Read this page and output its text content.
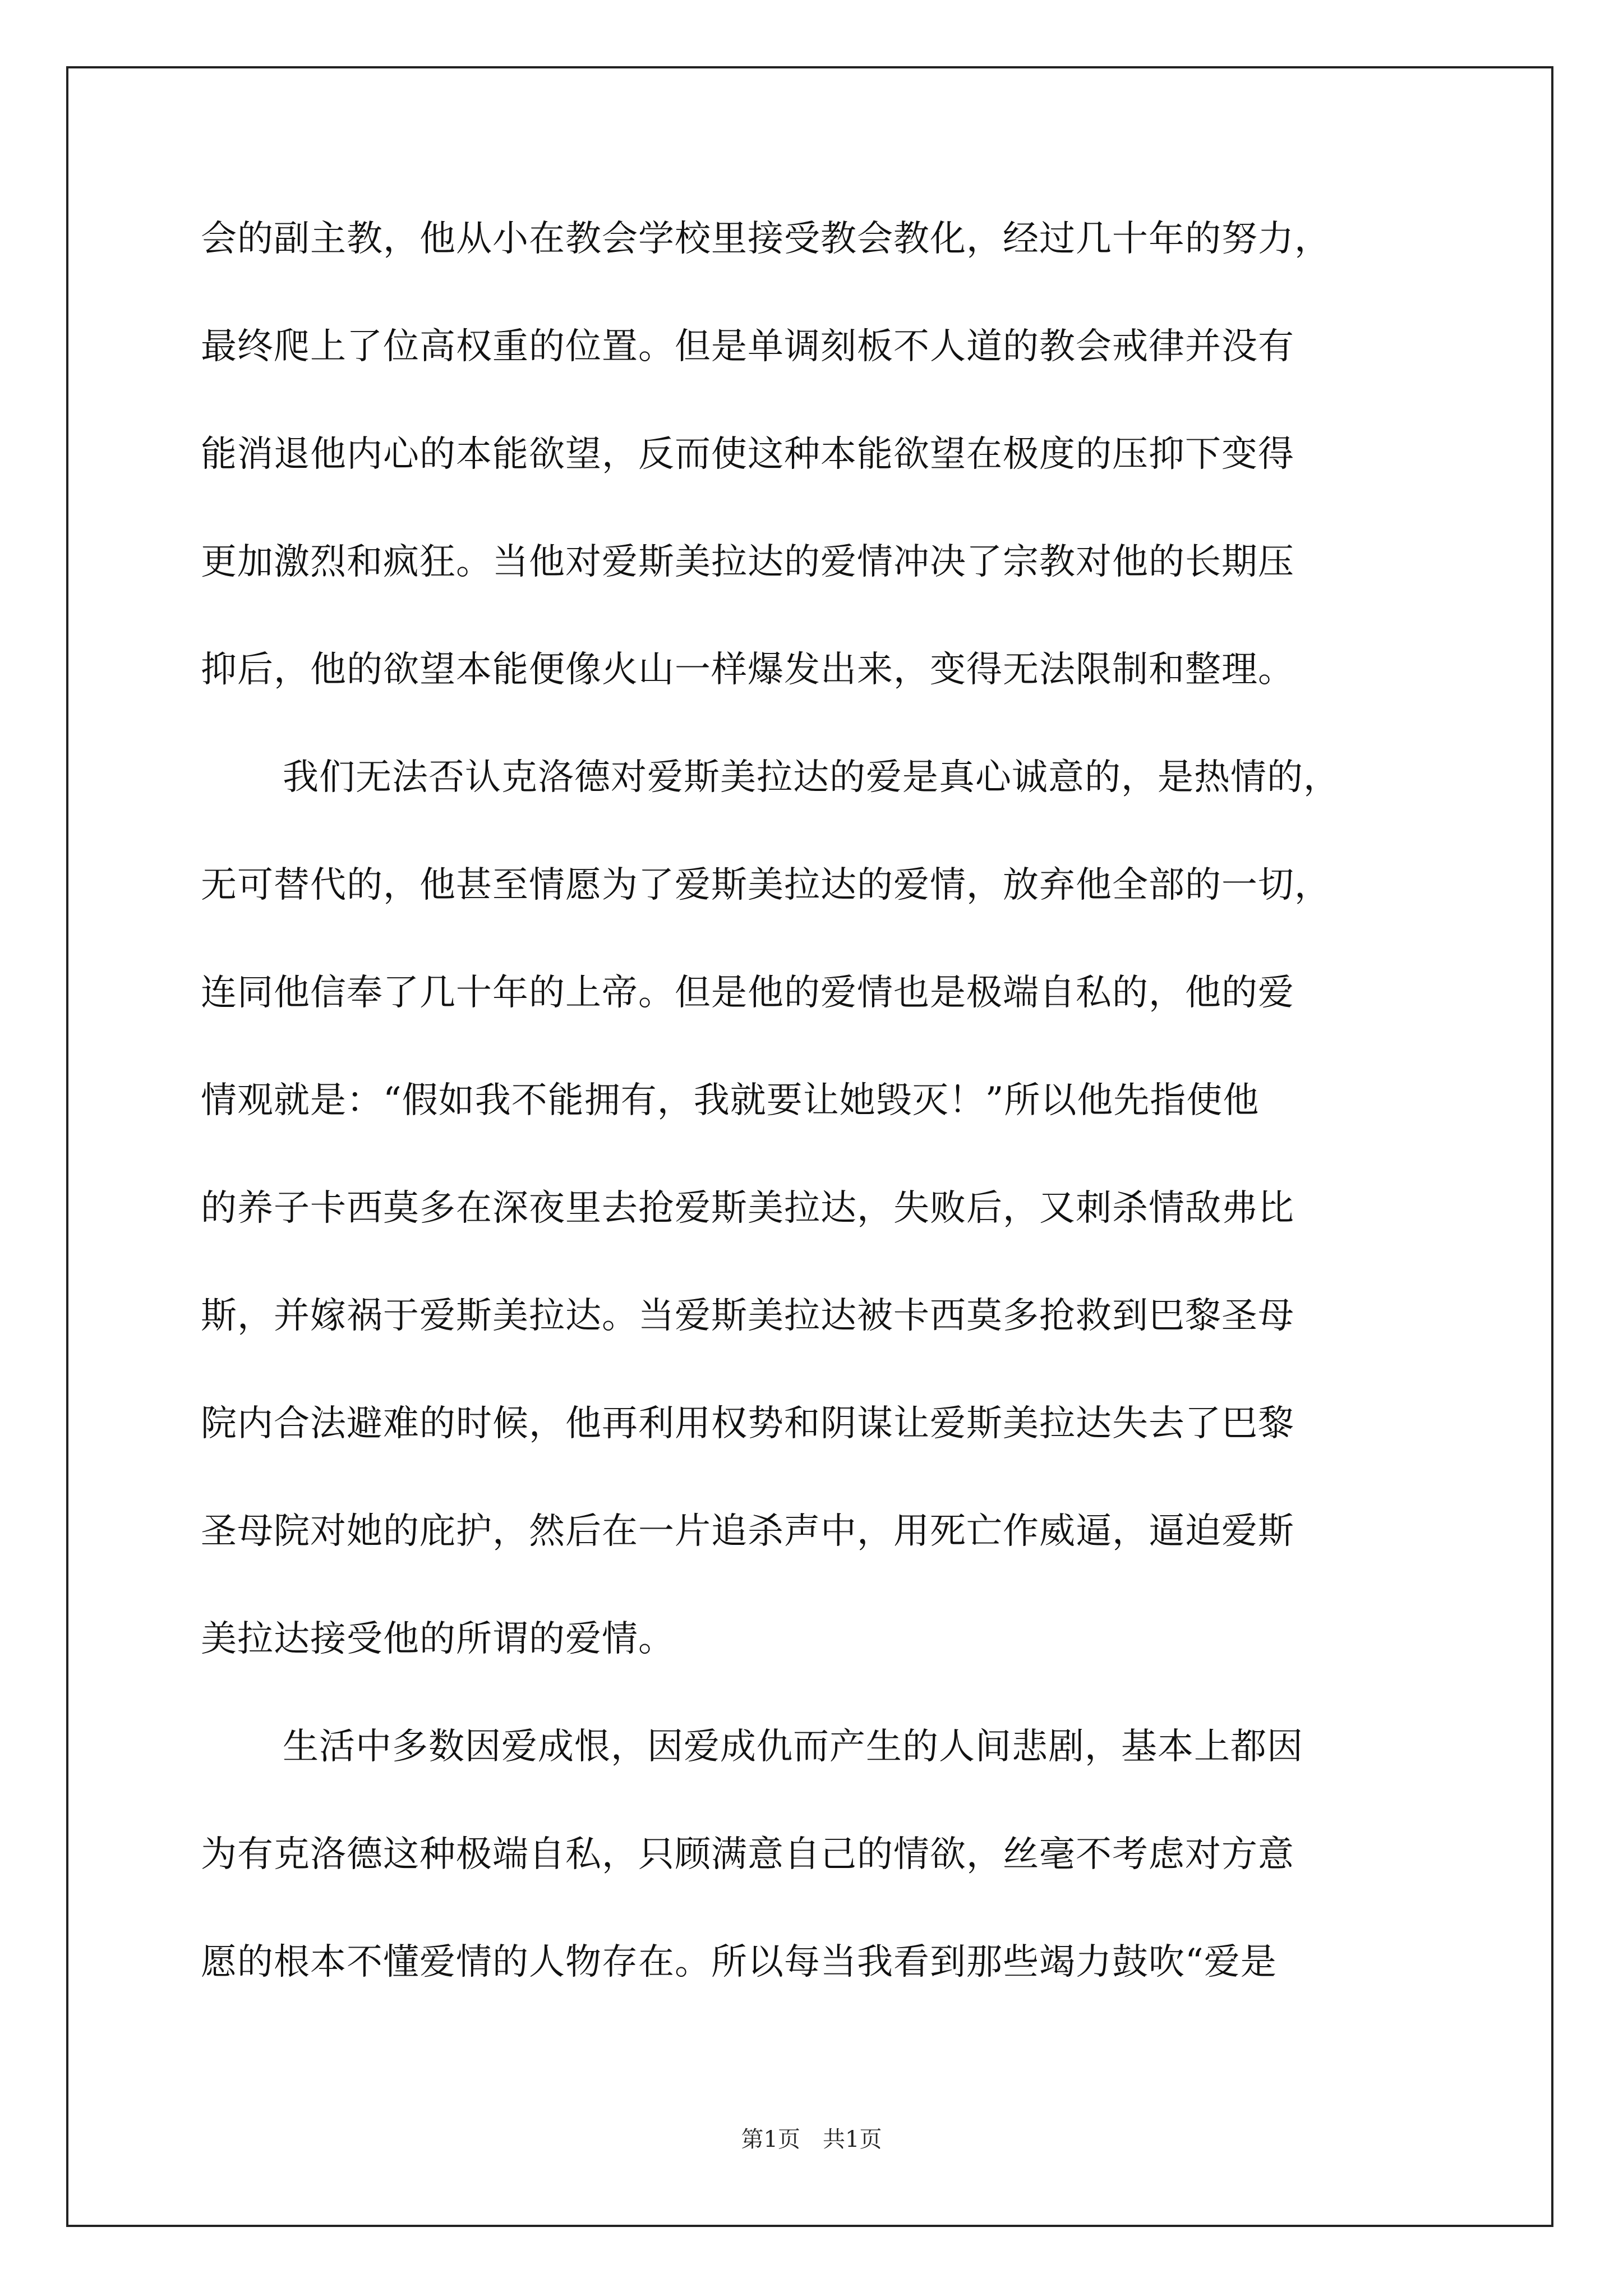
会的副主教，他从小在教会学校里接受教会教化，经过几十年的努力，
最终爬上了位高权重的位置。但是单调刻板不人道的教会戒律并没有
能消退他内心的本能欲望，反而使这种本能欲望在极度的压抑下变得
更加激烈和疯狂。当他对爱斯美拉达的爱情冲决了宗教对他的长期压
抑后，他的欲望本能便像火山一样爆发出来，变得无法限制和整理。
我们无法否认克洛德对爱斯美拉达的爱是真心诚意的，是热情的，
无可替代的，他甚至情愿为了爱斯美拉达的爱情，放弃他全部的一切，
连同他信奉了几十年的上帝。但是他的爱情也是极端自私的，他的爱
情观就是：“假如我不能拥有，我就要让她毁灭！”所以他先指使他
的养子卡西莫多在深夜里去抢爱斯美拉达，失败后，又刺杀情敌弗比
斯，并嫁祸于爱斯美拉达。当爱斯美拉达被卡西莫多抢救到巴黎圣母
院内合法避难的时候，他再利用权势和阴谋让爱斯美拉达失去了巴黎
圣母院对她的庇护，然后在一片追杀声中，用死亡作威逼，逼迫爱斯
美拉达接受他的所谓的爱情。
生活中多数因爱成恨，因爱成仇而产生的人间悲剧，基本上都因
为有克洛德这种极端自私，只顾满意自己的情欲，丝毫不考虑对方意
愿的根本不懂爱情的人物存在。所以每当我看到那些竭力鼓吹“爱是
第1页　共1页
